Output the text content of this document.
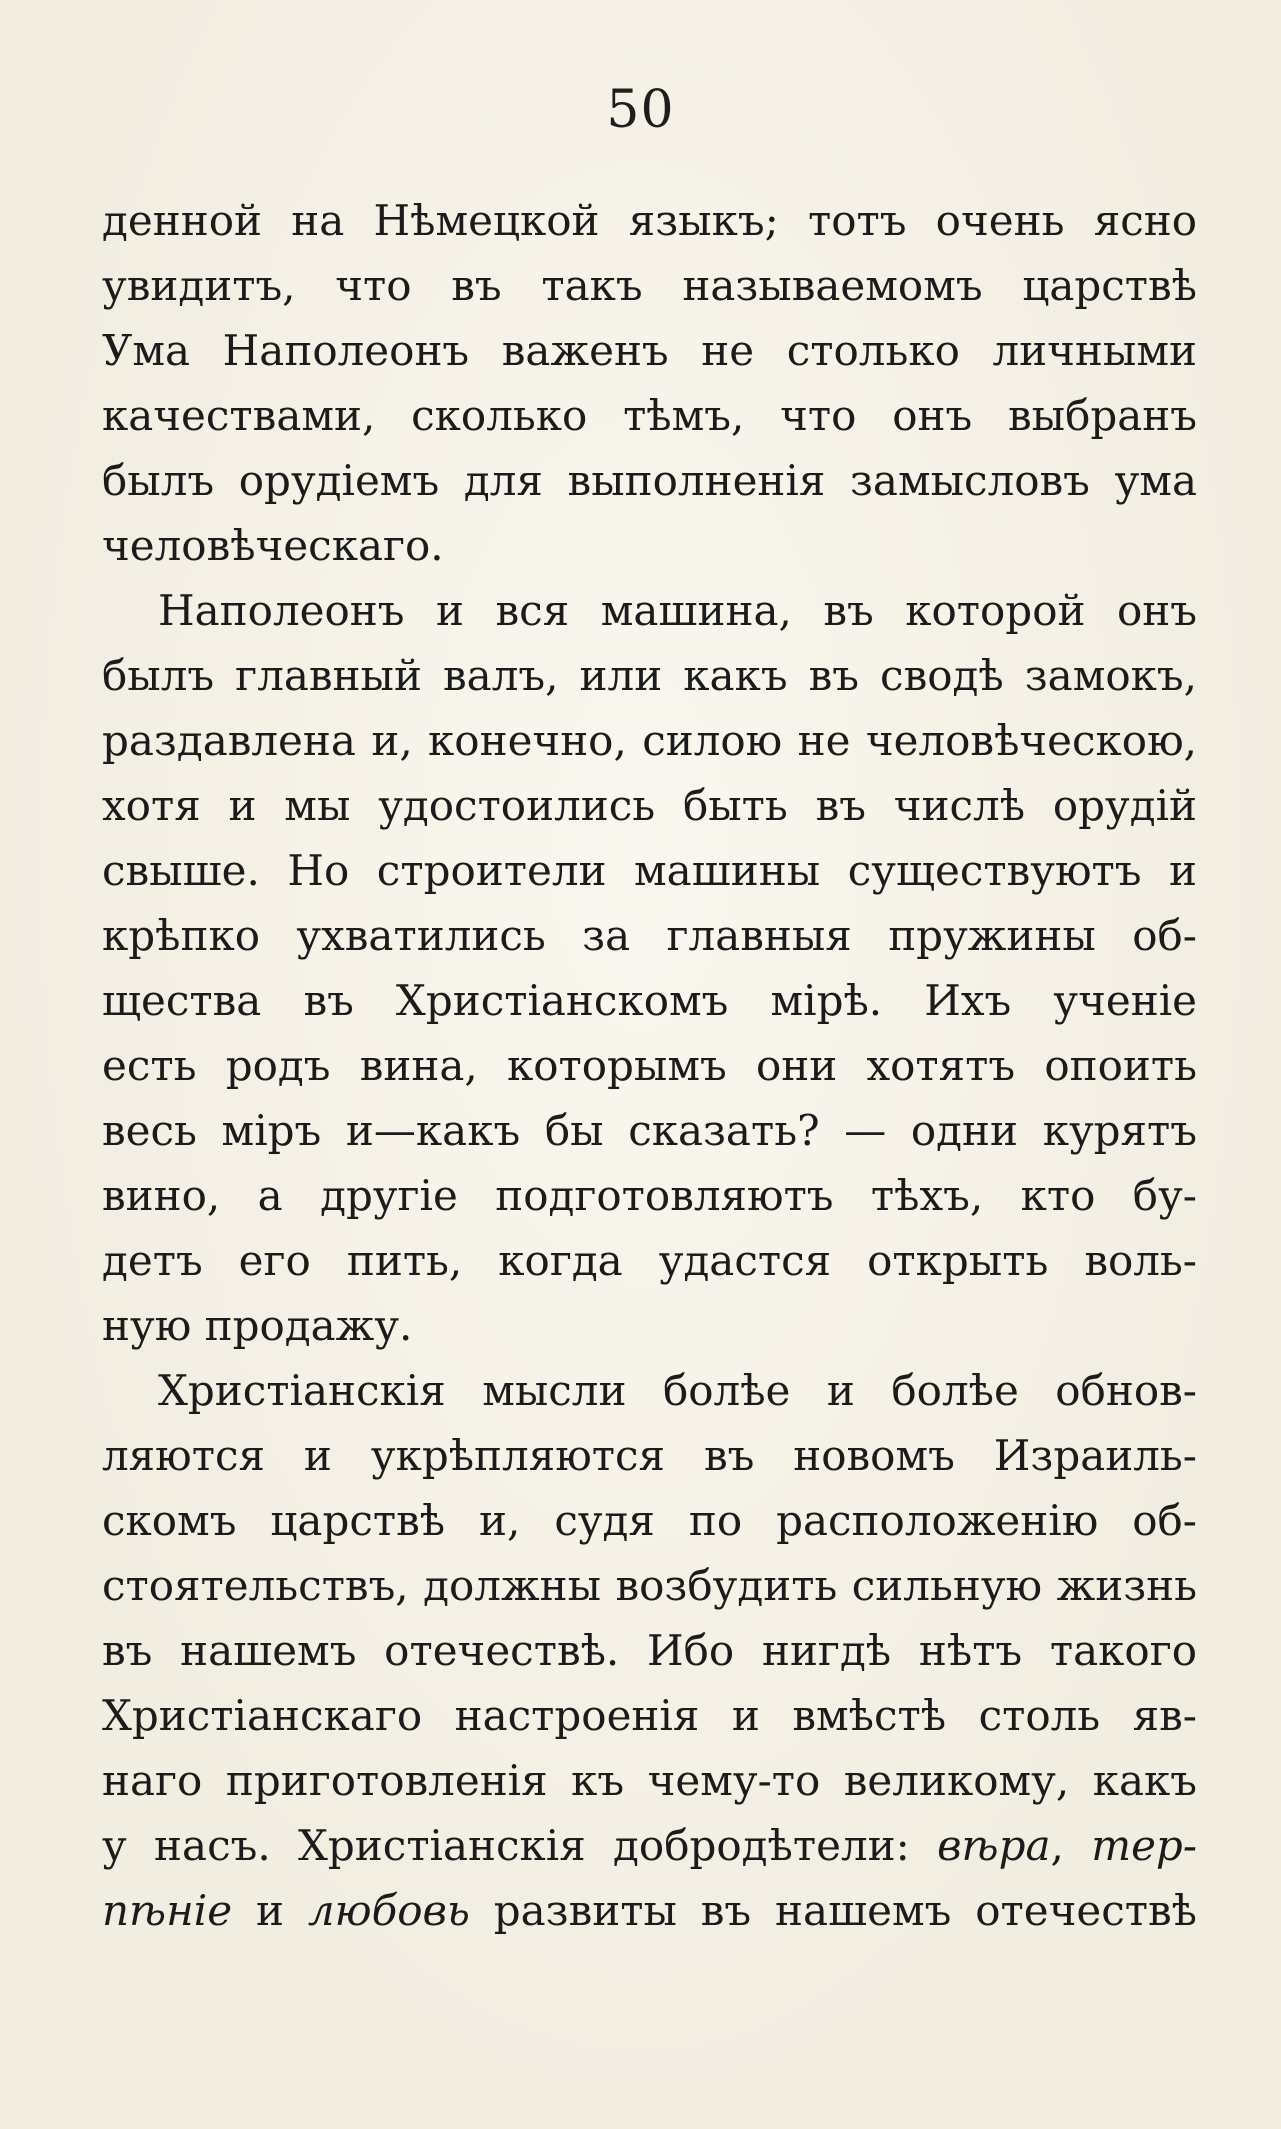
50
денной на Нѣмецкой языкъ; тотъ очень ясно
увидитъ, что въ такъ называемомъ царствѣ
Ума Наполеонъ важенъ не столько личными
качествами, сколько тѣмъ, что онъ выбранъ
былъ орудіемъ для выполненія замысловъ ума
человѣческаго.
Наполеонъ и вся машина, въ которой онъ
былъ главный валъ, или какъ въ сводѣ замокъ,
раздавлена и, конечно, силою не человѣческою,
хотя и мы удостоились быть въ числѣ орудій
свыше. Но строители машины существуютъ и
крѣпко ухватились за главныя пружины об-
щества въ Христіанскомъ мірѣ. Ихъ ученіе
есть родъ вина, которымъ они хотятъ опоить
весь міръ и—какъ бы сказать? — одни курятъ
вино, а другіе подготовляютъ тѣхъ, кто бу-
детъ его пить, когда удастся открыть воль-
ную продажу.
Христіанскія мысли болѣе и болѣе обнов-
ляются и укрѣпляются въ новомъ Израиль-
скомъ царствѣ и, судя по расположенію об-
стоятельствъ, должны возбудить сильную жизнь
въ нашемъ отечествѣ. Ибо нигдѣ нѣтъ такого
Христіанскаго настроенія и вмѣстѣ столь яв-
наго приготовленія къ чему-то великому, какъ
у насъ. Христіанскія добродѣтели: вѣра, тер-
пѣніе и любовь развиты въ нашемъ отечествѣ
